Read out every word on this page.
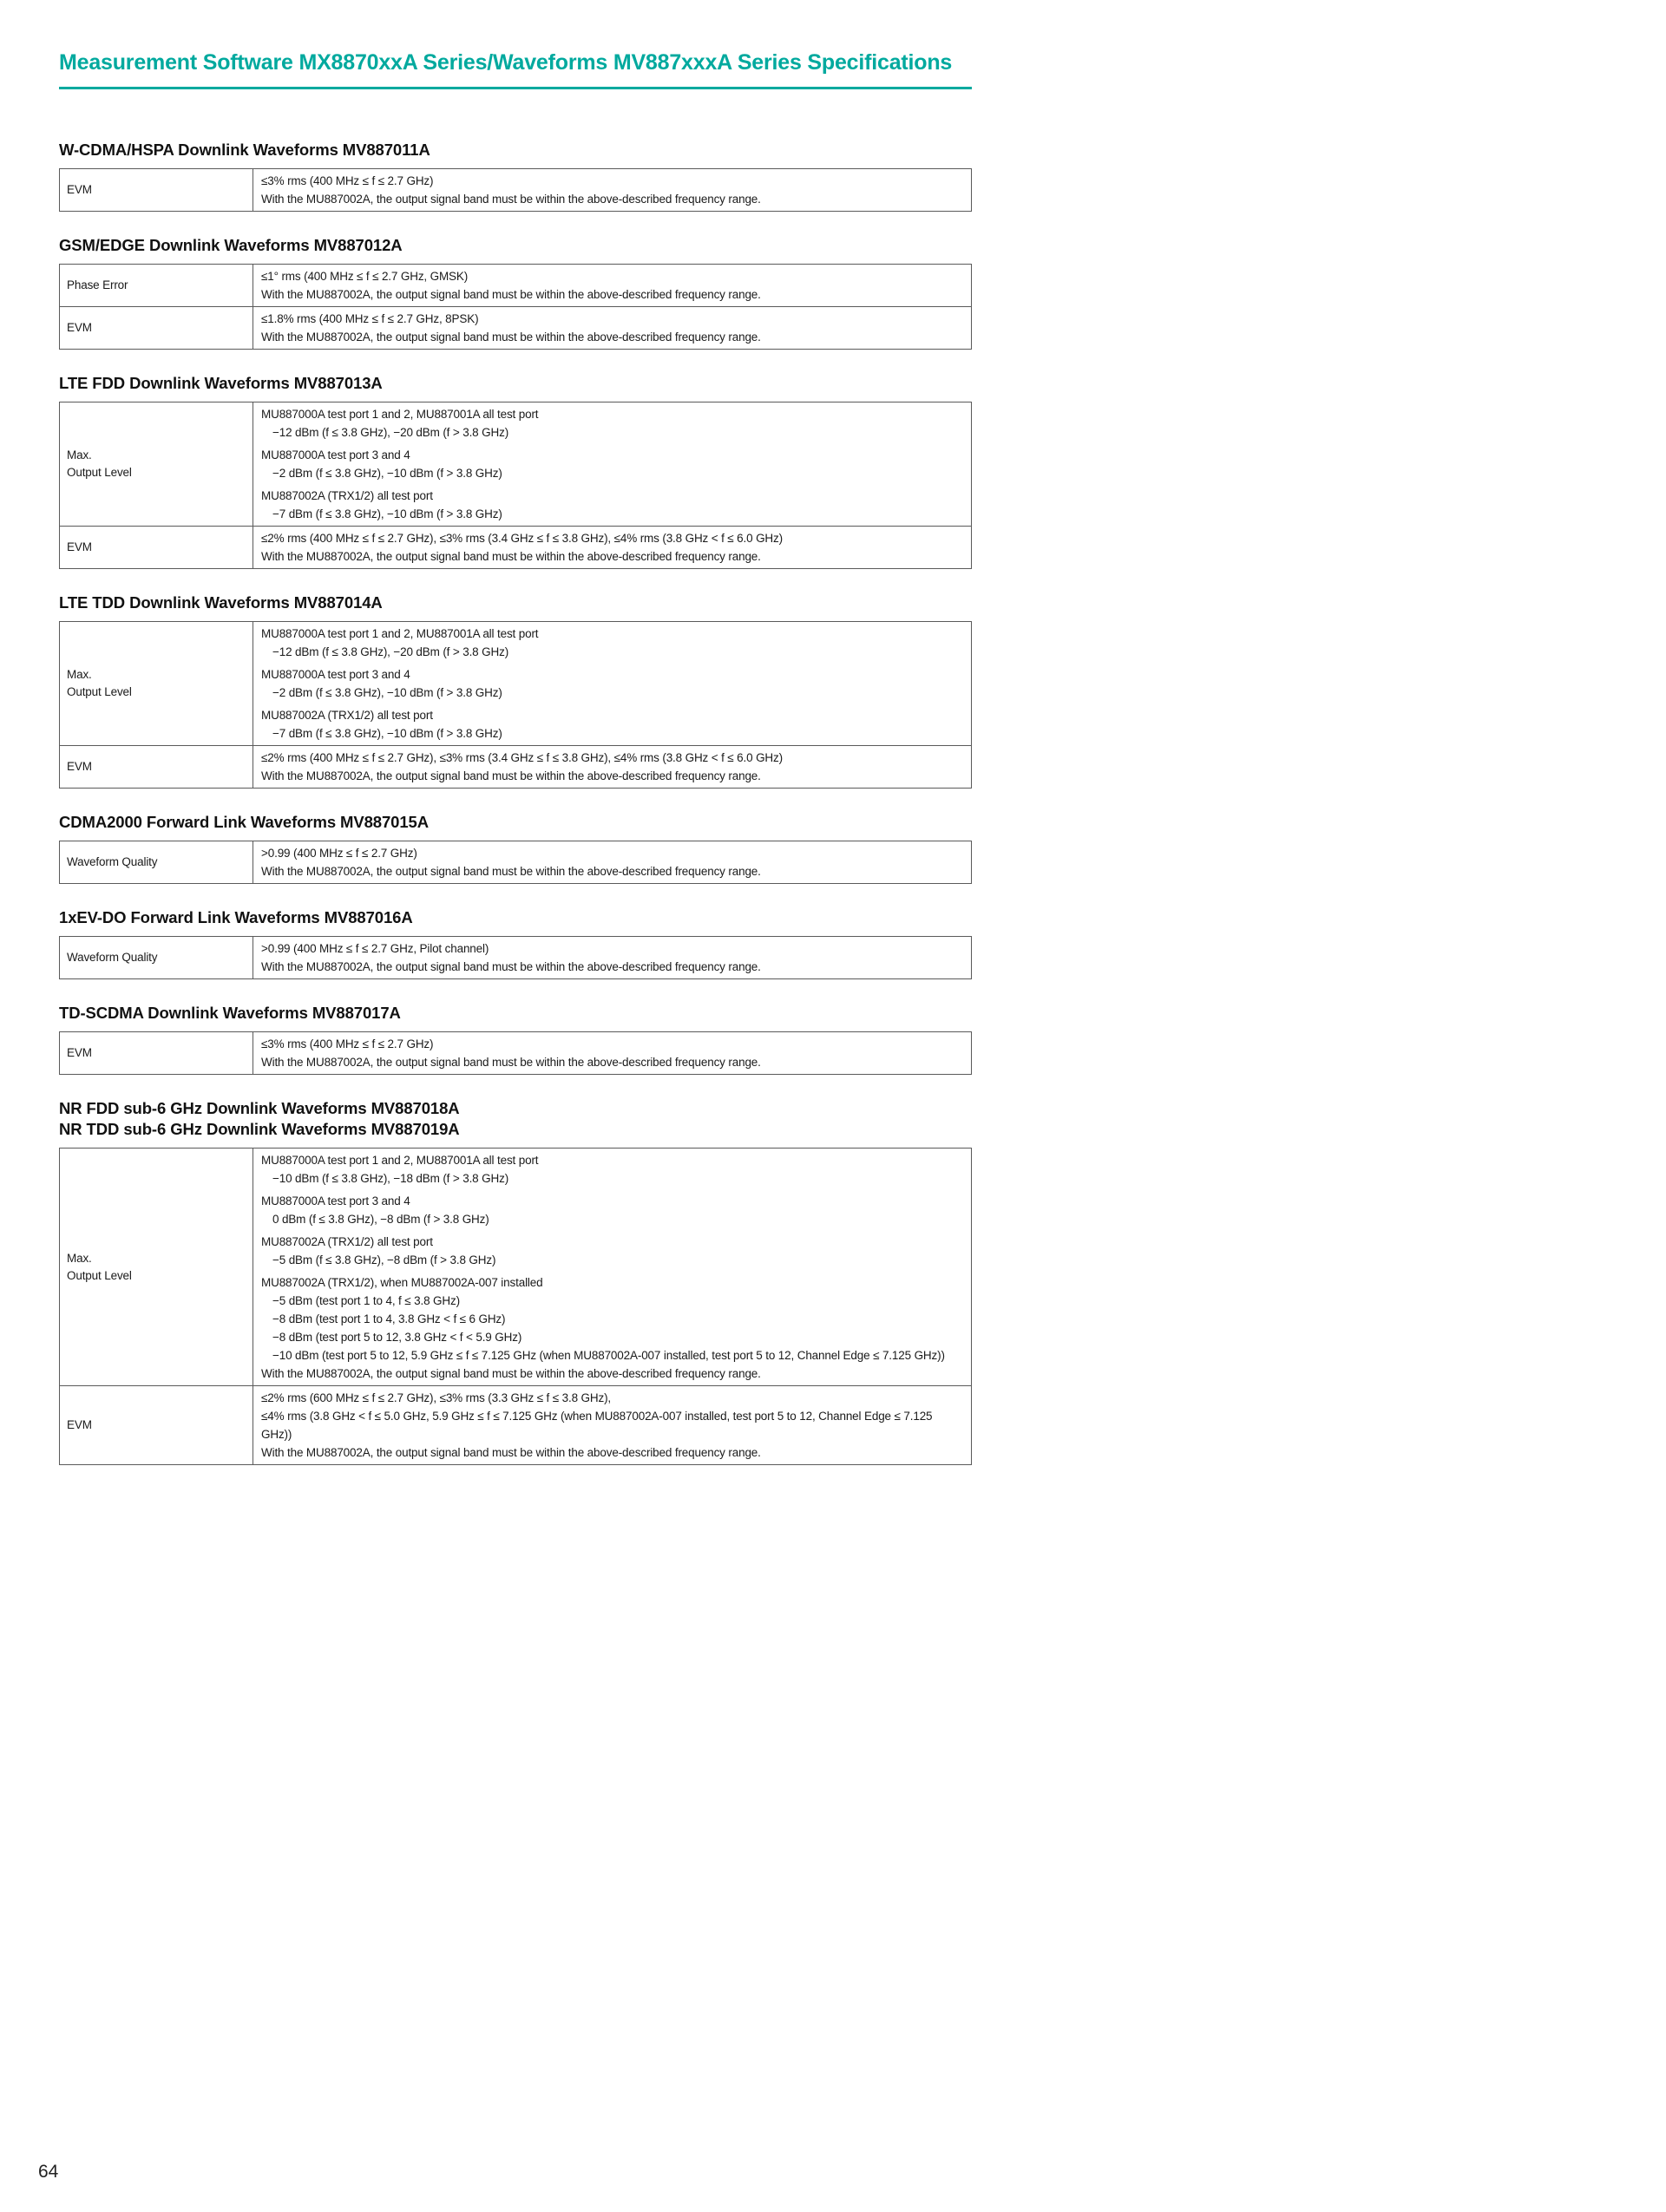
Measurement Software MX8870xxA Series/Waveforms MV887xxxA Series Specifications
W-CDMA/HSPA Downlink Waveforms MV887011A
EVM
≤3% rms (400 MHz ≤ f ≤ 2.7 GHz)
With the MU887002A, the output signal band must be within the above-described frequency range.
GSM/EDGE Downlink Waveforms MV887012A
Phase Error
≤1° rms (400 MHz ≤ f ≤ 2.7 GHz, GMSK)
With the MU887002A, the output signal band must be within the above-described frequency range.
EVM
≤1.8% rms (400 MHz ≤ f ≤ 2.7 GHz, 8PSK)
With the MU887002A, the output signal band must be within the above-described frequency range.
LTE FDD Downlink Waveforms MV887013A
Max.
Output Level
MU887000A test port 1 and 2, MU887001A all test port
−12 dBm (f ≤ 3.8 GHz), −20 dBm (f > 3.8 GHz)
MU887000A test port 3 and 4
−2 dBm (f ≤ 3.8 GHz), −10 dBm (f > 3.8 GHz)
MU887002A (TRX1/2) all test port
−7 dBm (f ≤ 3.8 GHz), −10 dBm (f > 3.8 GHz)
EVM
≤2% rms (400 MHz ≤ f ≤ 2.7 GHz), ≤3% rms (3.4 GHz ≤ f ≤ 3.8 GHz), ≤4% rms (3.8 GHz < f ≤ 6.0 GHz)
With the MU887002A, the output signal band must be within the above-described frequency range.
LTE TDD Downlink Waveforms MV887014A
Max.
Output Level
MU887000A test port 1 and 2, MU887001A all test port
−12 dBm (f ≤ 3.8 GHz), −20 dBm (f > 3.8 GHz)
MU887000A test port 3 and 4
−2 dBm (f ≤ 3.8 GHz), −10 dBm (f > 3.8 GHz)
MU887002A (TRX1/2) all test port
−7 dBm (f ≤ 3.8 GHz), −10 dBm (f > 3.8 GHz)
EVM
≤2% rms (400 MHz ≤ f ≤ 2.7 GHz), ≤3% rms (3.4 GHz ≤ f ≤ 3.8 GHz), ≤4% rms (3.8 GHz < f ≤ 6.0 GHz)
With the MU887002A, the output signal band must be within the above-described frequency range.
CDMA2000 Forward Link Waveforms MV887015A
Waveform Quality
>0.99 (400 MHz ≤ f ≤ 2.7 GHz)
With the MU887002A, the output signal band must be within the above-described frequency range.
1xEV-DO Forward Link Waveforms MV887016A
Waveform Quality
>0.99 (400 MHz ≤ f ≤ 2.7 GHz, Pilot channel)
With the MU887002A, the output signal band must be within the above-described frequency range.
TD-SCDMA Downlink Waveforms MV887017A
EVM
≤3% rms (400 MHz ≤ f ≤ 2.7 GHz)
With the MU887002A, the output signal band must be within the above-described frequency range.
NR FDD sub-6 GHz Downlink Waveforms MV887018A
NR TDD sub-6 GHz Downlink Waveforms MV887019A
Max.
Output Level
MU887000A test port 1 and 2, MU887001A all test port
−10 dBm (f ≤ 3.8 GHz), −18 dBm (f > 3.8 GHz)
MU887000A test port 3 and 4
0 dBm (f ≤ 3.8 GHz), −8 dBm (f > 3.8 GHz)
MU887002A (TRX1/2) all test port
−5 dBm (f ≤ 3.8 GHz), −8 dBm (f > 3.8 GHz)
MU887002A (TRX1/2), when MU887002A-007 installed
−5 dBm (test port 1 to 4, f ≤ 3.8 GHz)
−8 dBm (test port 1 to 4, 3.8 GHz < f ≤ 6 GHz)
−8 dBm (test port 5 to 12, 3.8 GHz < f < 5.9 GHz)
−10 dBm (test port 5 to 12, 5.9 GHz ≤ f ≤ 7.125 GHz (when MU887002A-007 installed, test port 5 to 12, Channel Edge ≤ 7.125 GHz))
With the MU887002A, the output signal band must be within the above-described frequency range.
EVM
≤2% rms (600 MHz ≤ f ≤ 2.7 GHz), ≤3% rms (3.3 GHz ≤ f ≤ 3.8 GHz),
≤4% rms (3.8 GHz < f ≤ 5.0 GHz, 5.9 GHz ≤ f ≤ 7.125 GHz (when MU887002A-007 installed, test port 5 to 12, Channel Edge ≤ 7.125 GHz))
With the MU887002A, the output signal band must be within the above-described frequency range.
64
